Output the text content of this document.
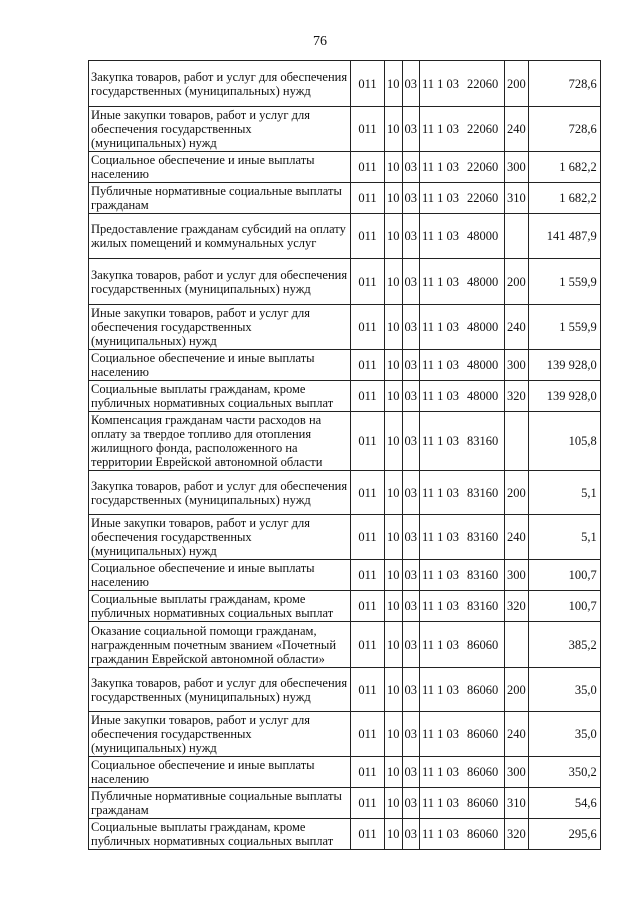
76
Закупка товаров, работ и услуг для обеспечения государственных (муниципальных) нужд	011	10	03	11 1 03 22060	200	728,6
Иные закупки товаров, работ и услуг для обеспечения государственных (муниципальных) нужд	011	10	03	11 1 03 22060	240	728,6
Социальное обеспечение и иные выплаты населению	011	10	03	11 1 03 22060	300	1 682,2
Публичные нормативные социальные выплаты гражданам	011	10	03	11 1 03 22060	310	1 682,2
Предоставление гражданам субсидий на оплату жилых помещений и коммунальных услуг	011	10	03	11 1 03 48000		141 487,9
Закупка товаров, работ и услуг для обеспечения государственных (муниципальных) нужд	011	10	03	11 1 03 48000	200	1 559,9
Иные закупки товаров, работ и услуг для обеспечения государственных (муниципальных) нужд	011	10	03	11 1 03 48000	240	1 559,9
Социальное обеспечение и иные выплаты населению	011	10	03	11 1 03 48000	300	139 928,0
Социальные выплаты гражданам, кроме публичных нормативных социальных выплат	011	10	03	11 1 03 48000	320	139 928,0
Компенсация гражданам части расходов на оплату за твердое топливо для отопления жилищного фонда, расположенного на территории Еврейской автономной области	011	10	03	11 1 03 83160		105,8
Закупка товаров, работ и услуг для обеспечения государственных (муниципальных) нужд	011	10	03	11 1 03 83160	200	5,1
Иные закупки товаров, работ и услуг для обеспечения государственных (муниципальных) нужд	011	10	03	11 1 03 83160	240	5,1
Социальное обеспечение и иные выплаты населению	011	10	03	11 1 03 83160	300	100,7
Социальные выплаты гражданам, кроме публичных нормативных социальных выплат	011	10	03	11 1 03 83160	320	100,7
Оказание социальной помощи гражданам, награжденным почетным званием «Почетный гражданин Еврейской автономной области»	011	10	03	11 1 03 86060		385,2
Закупка товаров, работ и услуг для обеспечения государственных (муниципальных) нужд	011	10	03	11 1 03 86060	200	35,0
Иные закупки товаров, работ и услуг для обеспечения государственных (муниципальных) нужд	011	10	03	11 1 03 86060	240	35,0
Социальное обеспечение и иные выплаты населению	011	10	03	11 1 03 86060	300	350,2
Публичные нормативные социальные выплаты гражданам	011	10	03	11 1 03 86060	310	54,6
Социальные выплаты гражданам, кроме публичных нормативных социальных выплат	011	10	03	11 1 03 86060	320	295,6
